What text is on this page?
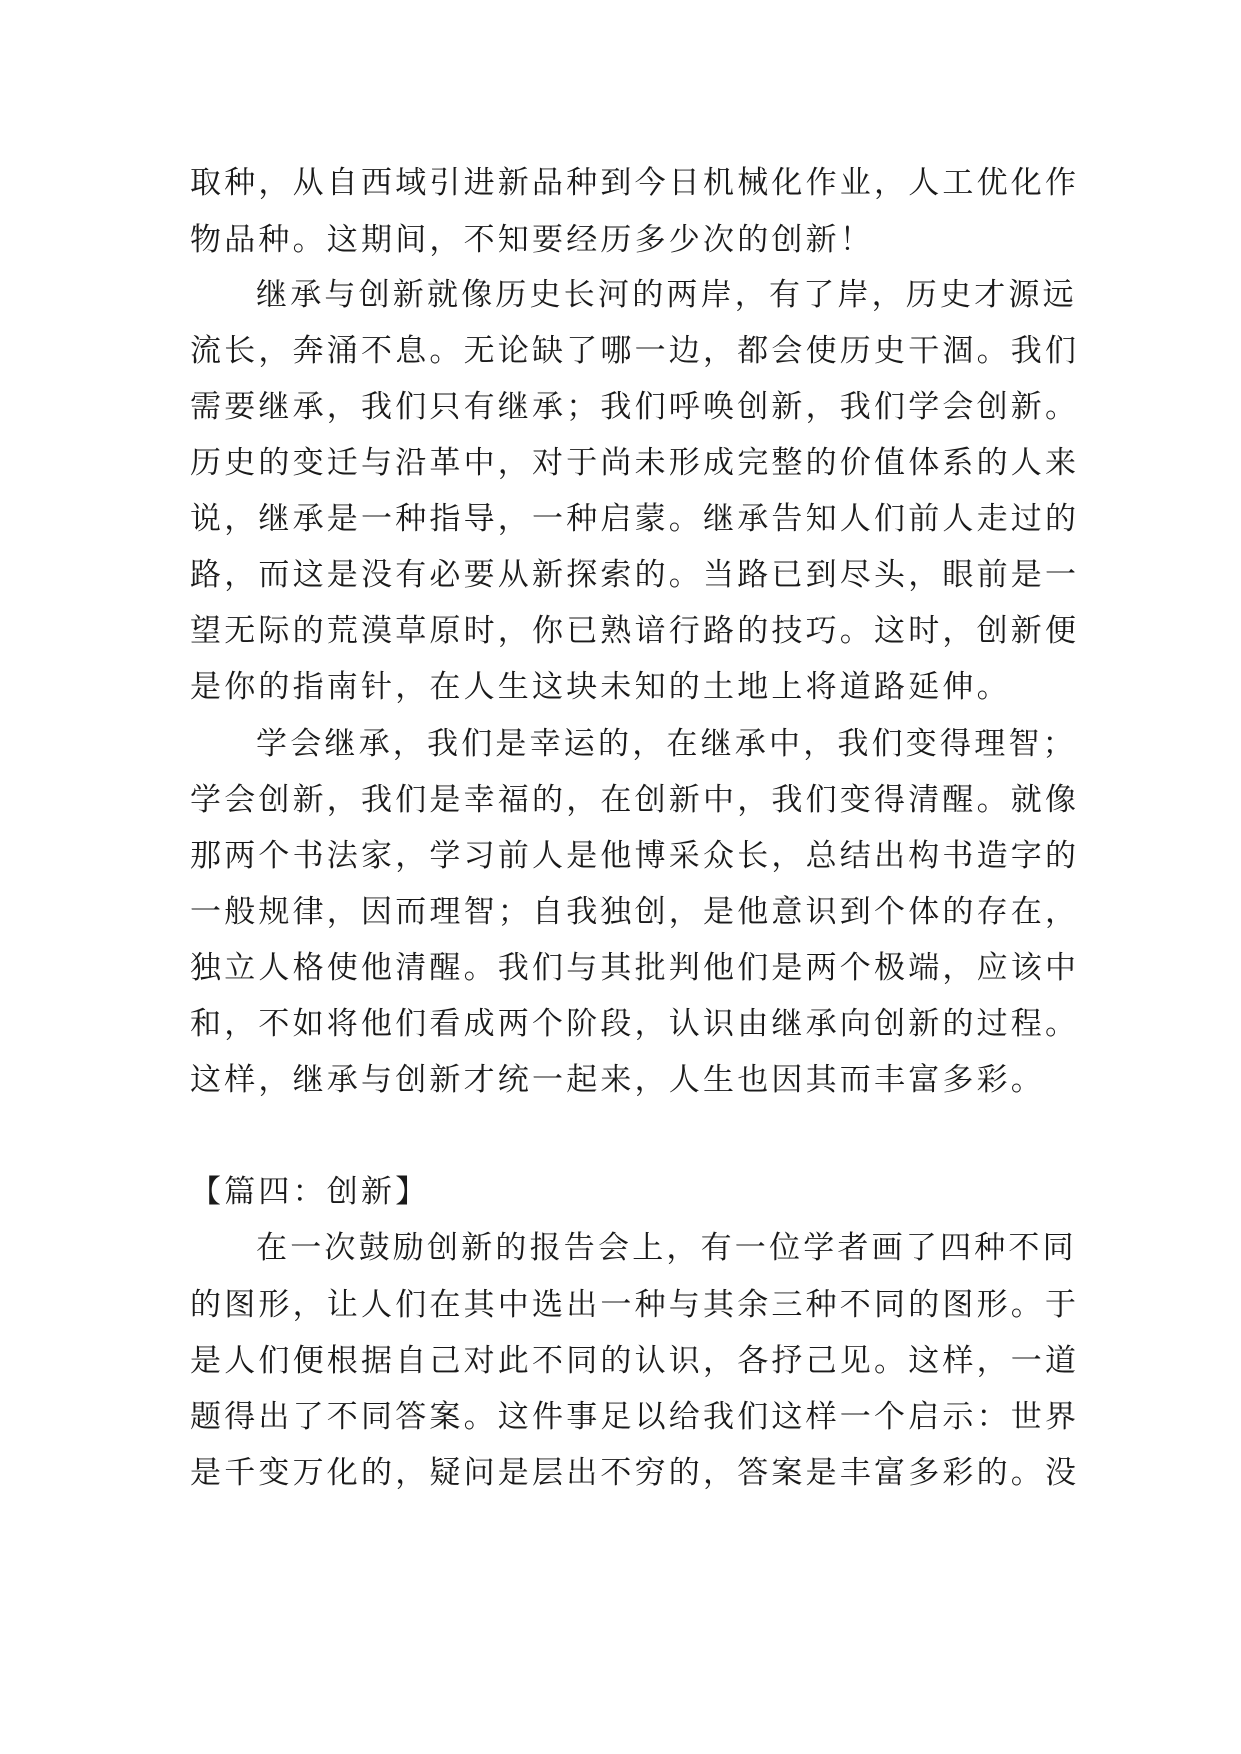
取种，从自西域引进新品种到今日机械化作业，人工优化作
物品种。这期间，不知要经历多少次的创新！
继承与创新就像历史长河的两岸，有了岸，历史才源远
流长，奔涌不息。无论缺了哪一边，都会使历史干涸。我们
需要继承，我们只有继承；我们呼唤创新，我们学会创新。
历史的变迁与沿革中，对于尚未形成完整的价值体系的人来
说，继承是一种指导，一种启蒙。继承告知人们前人走过的
路，而这是没有必要从新探索的。当路已到尽头，眼前是一
望无际的荒漠草原时，你已熟谙行路的技巧。这时，创新便
是你的指南针，在人生这块未知的土地上将道路延伸。
学会继承，我们是幸运的，在继承中，我们变得理智；
学会创新，我们是幸福的，在创新中，我们变得清醒。就像
那两个书法家，学习前人是他博采众长，总结出构书造字的
一般规律，因而理智；自我独创，是他意识到个体的存在，
独立人格使他清醒。我们与其批判他们是两个极端，应该中
和，不如将他们看成两个阶段，认识由继承向创新的过程。
这样，继承与创新才统一起来，人生也因其而丰富多彩。
【篇四：创新】
在一次鼓励创新的报告会上，有一位学者画了四种不同
的图形，让人们在其中选出一种与其余三种不同的图形。于
是人们便根据自己对此不同的认识，各抒己见。这样，一道
题得出了不同答案。这件事足以给我们这样一个启示：世界
是千变万化的，疑问是层出不穷的，答案是丰富多彩的。没
